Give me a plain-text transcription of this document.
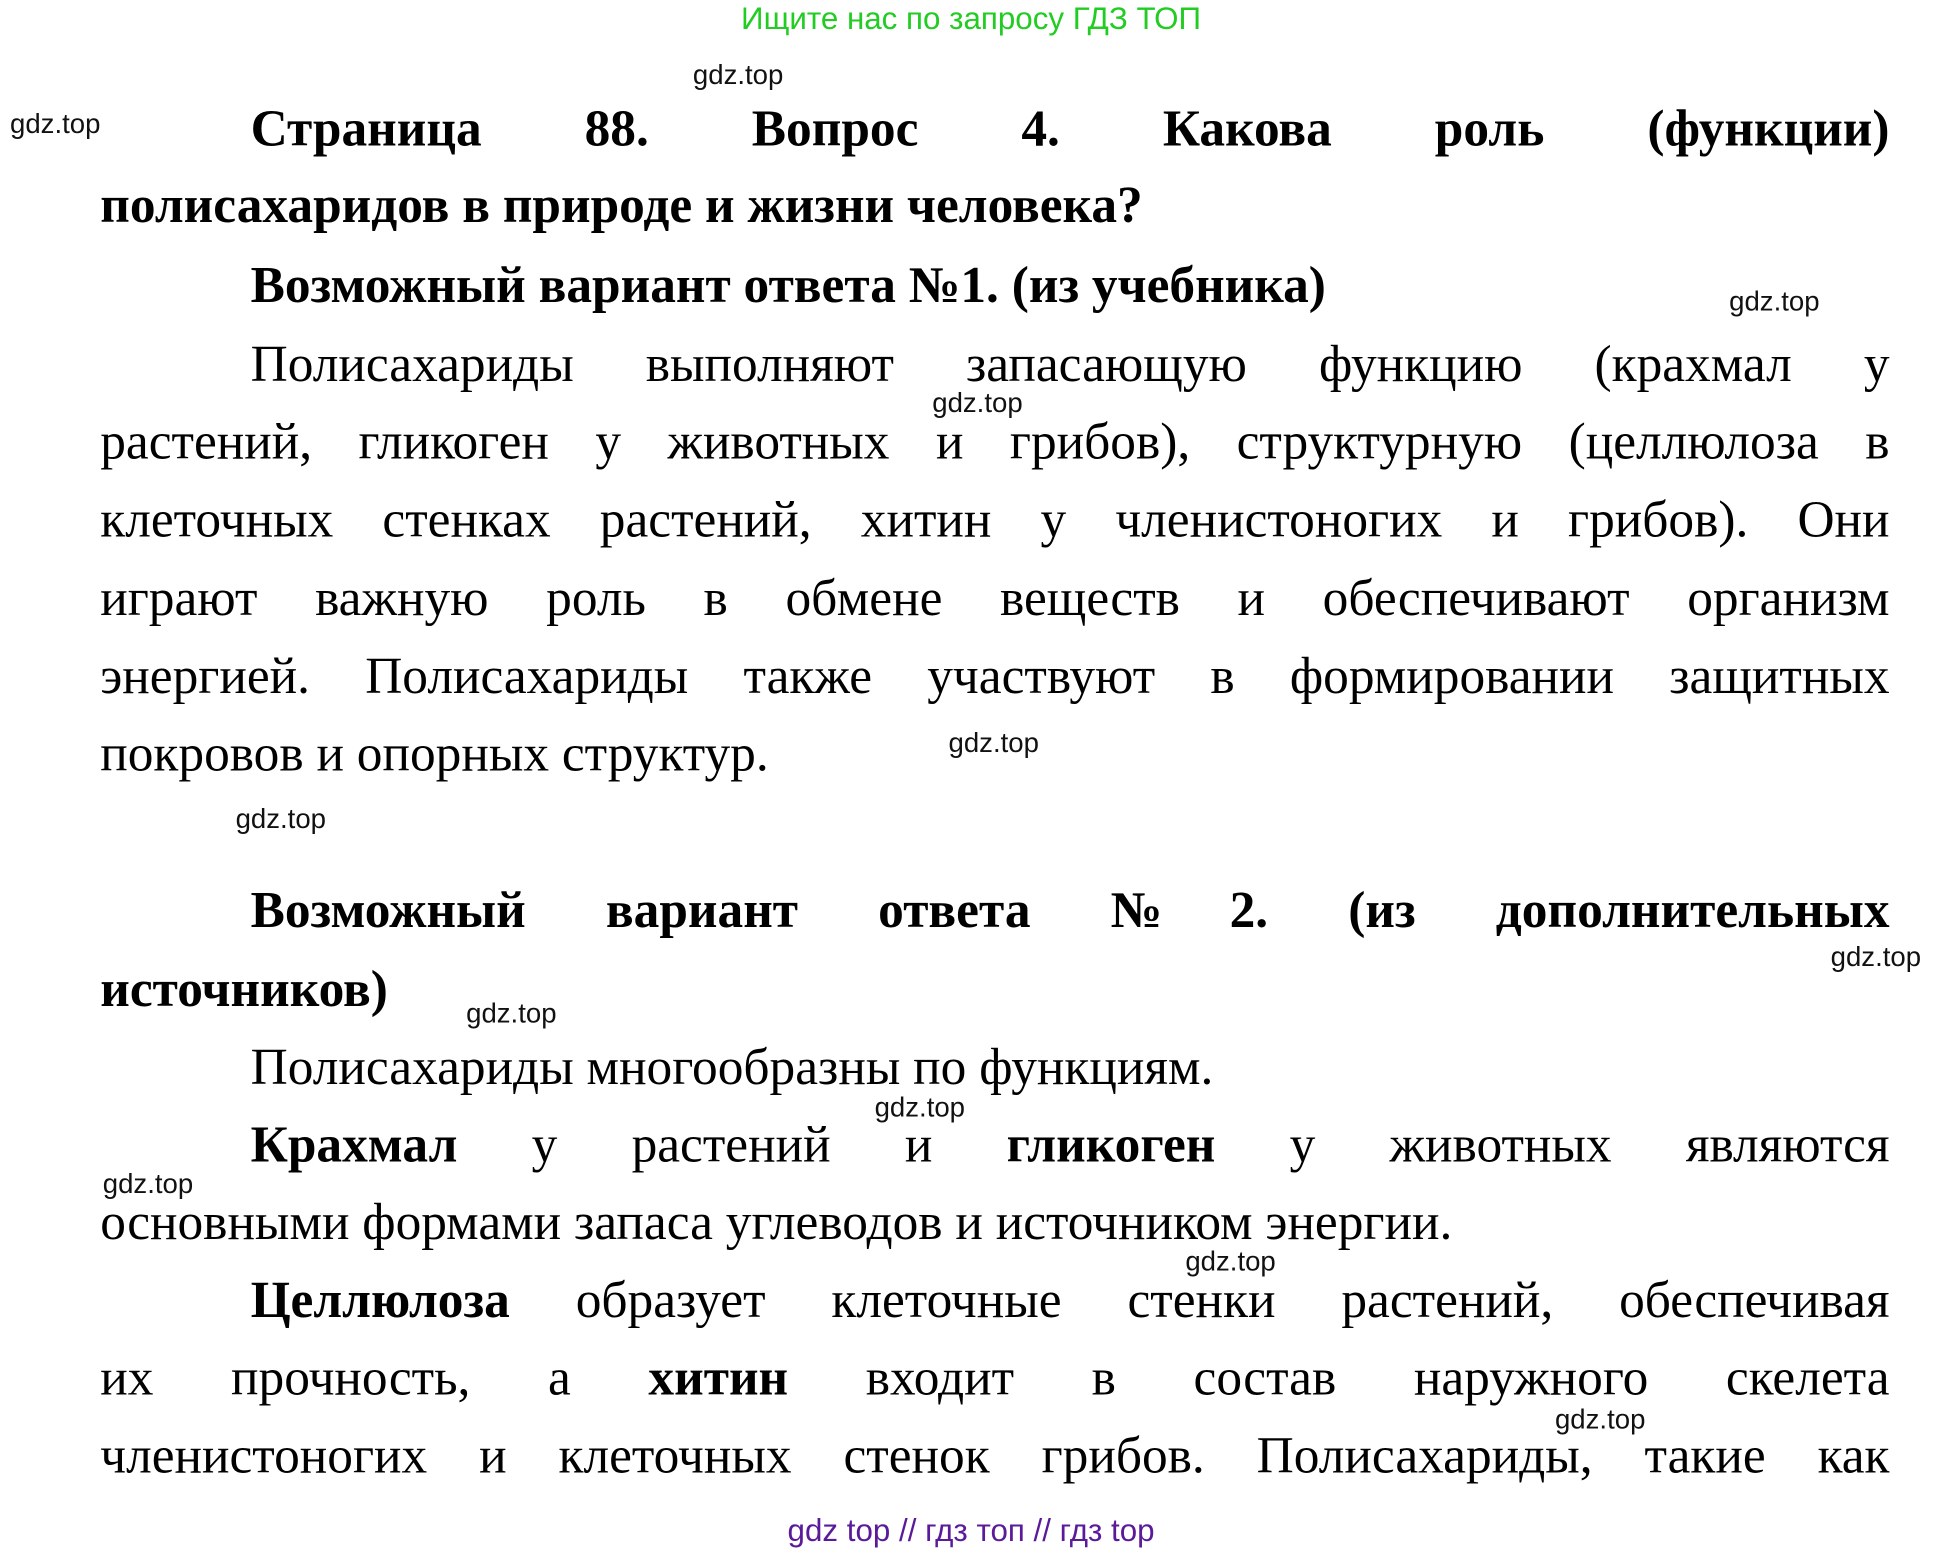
Ищите нас по запросу ГДЗ ТОП
Страница 88. Вопрос 4. Какова роль (функции)
полисахаридов в природе и жизни человека?
Возможный вариант ответа №1. (из учебника)
Полисахариды выполняют запасающую функцию (крахмал у
растений, гликоген у животных и грибов), структурную (целлюлоза в
клеточных стенках растений, хитин у членистоногих и грибов). Они
играют важную роль в обмене веществ и обеспечивают организм
энергией. Полисахариды также участвуют в формировании защитных
покровов и опорных структур.
Возможный вариант ответа №2. (из дополнительных
источников)
Полисахариды многообразны по функциям.
Крахмал у растений и гликоген у животных являются
основными формами запаса углеводов и источником энергии.
Целлюлоза образует клеточные стенки растений, обеспечивая
их прочность, а хитин входит в состав наружного скелета
членистоногих и клеточных стенок грибов. Полисахариды, такие как
gdz.top
gdz.top
gdz.top
gdz.top
gdz.top
gdz.top
gdz.top
gdz.top
gdz.top
gdz.top
gdz.top
gdz.top
gdz top // гдз топ // гдз top
